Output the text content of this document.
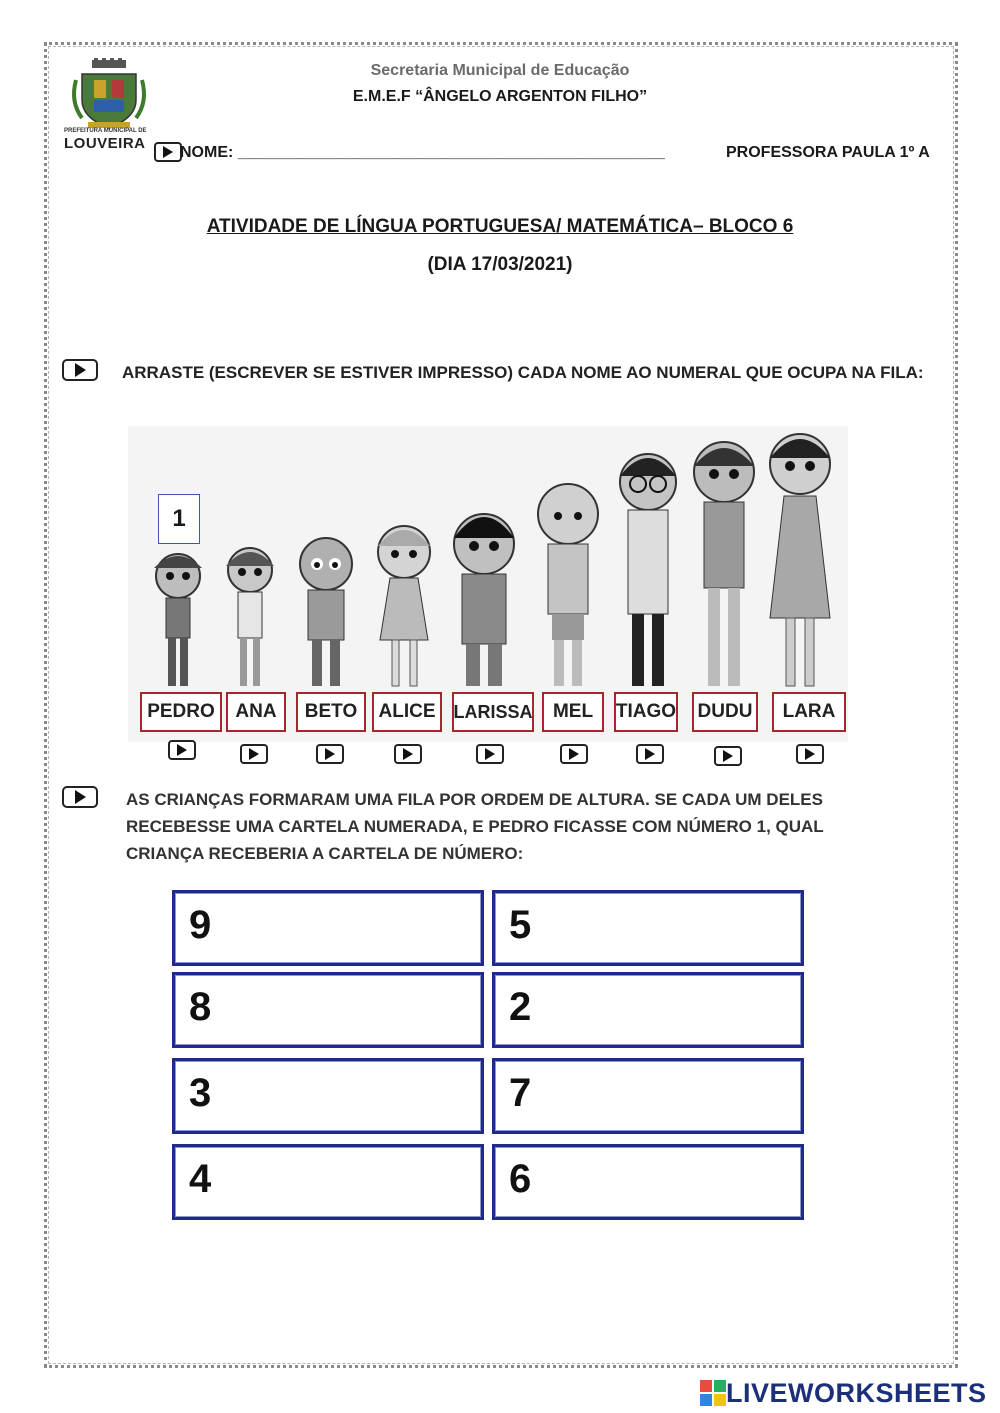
PREFEITURA MUNICIPAL DE
LOUVEIRA
Secretaria Municipal de Educação
E.M.E.F “ÂNGELO ARGENTON FILHO”
NOME: ________________________________________________	PROFESSORA PAULA 1º A
ATIVIDADE DE LÍNGUA PORTUGUESA/ MATEMÁTICA– BLOCO 6
(DIA 17/03/2021)
ARRASTE (ESCREVER SE ESTIVER IMPRESSO) CADA NOME AO NUMERAL QUE OCUPA NA FILA:
1
PEDRO	ANA	BETO	ALICE	LARISSA	MEL	TIAGO DUDU	LARA
AS CRIANÇAS FORMARAM UMA FILA POR ORDEM DE ALTURA. SE CADA UM DELES RECEBESSE UMA CARTELA NUMERADA, E PEDRO FICASSE COM NÚMERO 1, QUAL CRIANÇA RECEBERIA A CARTELA DE NÚMERO:
9	5
8	2
3	7
4	6
LIVEWORKSHEETS
